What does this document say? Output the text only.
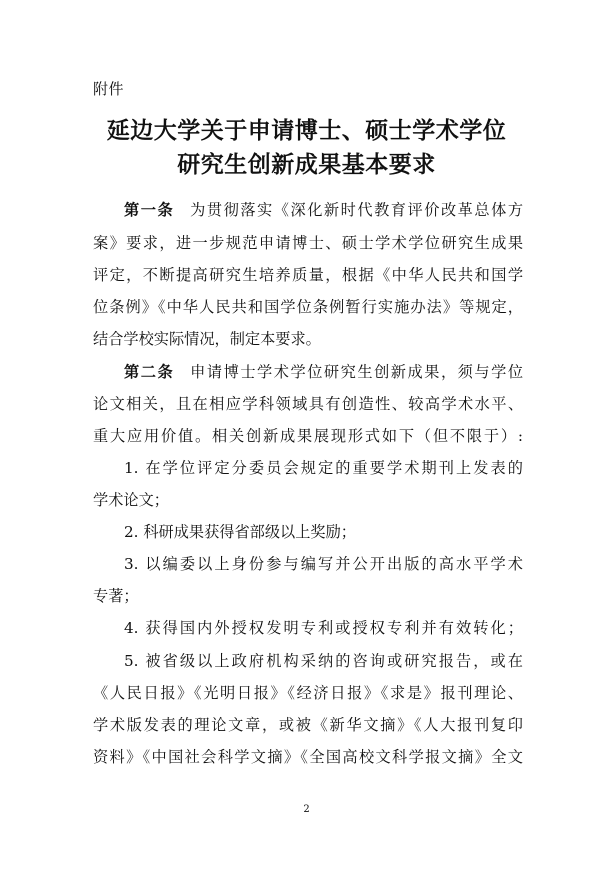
附件
延边大学关于申请博士、硕士学术学位
研究生创新成果基本要求
第一条 为贯彻落实《深化新时代教育评价改革总体方
案》要求，进一步规范申请博士、硕士学术学位研究生成果
评定，不断提高研究生培养质量，根据《中华人民共和国学
位条例》《中华人民共和国学位条例暂行实施办法》等规定，
结合学校实际情况，制定本要求。
第二条 申请博士学术学位研究生创新成果，须与学位
论文相关，且在相应学科领域具有创造性、较高学术水平、
重大应用价值。相关创新成果展现形式如下（但不限于）:
1. 在学位评定分委员会规定的重要学术期刊上发表的
学术论文；
2. 科研成果获得省部级以上奖励；
3. 以编委以上身份参与编写并公开出版的高水平学术
专著；
4. 获得国内外授权发明专利或授权专利并有效转化；
5. 被省级以上政府机构采纳的咨询或研究报告，或在
《人民日报》《光明日报》《经济日报》《求是》报刊理论、
学术版发表的理论文章，或被《新华文摘》《人大报刊复印
资料》《中国社会科学文摘》《全国高校文科学报文摘》全文
2
